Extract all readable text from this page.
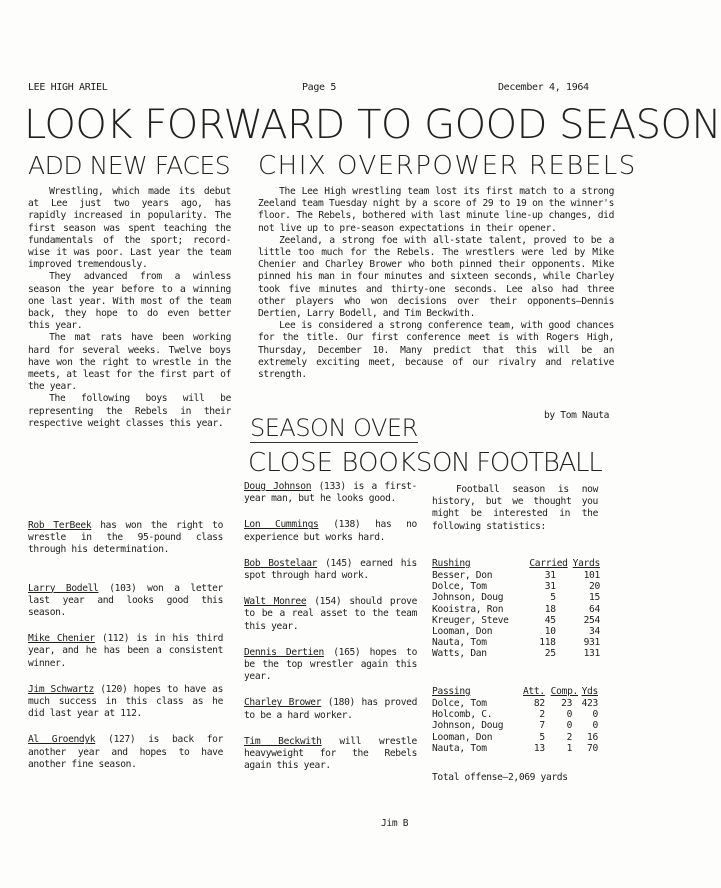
LEE HIGH ARIEL	Page 5	December 4, 1964
LOOK FORWARD TO GOOD SEASON
ADD NEW FACES CHIX OVERPOWER REBELS

Wrestling, which made its debut at Lee just two years ago, has rapidly increased in popularity. The first season was spent teaching the fundamentals of the sport; record-wise it was poor. Last year the team improved tremendously.

They advanced from a winless season the year before to a winning one last year. With most of the team back, they hope to do even better this year.

The mat rats have been working hard for several weeks. Twelve boys have won the right to wrestle in the meets, at least for the first part of the year.

The following boys will be representing the Rebels in their respective weight classes this year.

The Lee High wrestling team lost its first match to a strong Zeeland team Tuesday night by a score of 29 to 19 on the winner's floor. The Rebels, bothered with last minute line-up changes, did not live up to pre-season expectations in their opener.

Zeeland, a strong foe with all-state talent, proved to be a little too much for the Rebels. The wrestlers were led by Mike Chenier and Charley Brower who both pinned their opponents. Mike pinned his man in four minutes and sixteen seconds, while Charley took five minutes and thirty-one seconds. Lee also had three other players who won decisions over their opponents—Dennis Dertien, Larry Bodell, and Tim Beckwith.

Lee is considered a strong conference team, with good chances for the title. Our first conference meet is with Rogers High, Thursday, December 10. Many predict that this will be an extremely exciting meet, because of our rivalry and relative strength.

by Tom Nauta
SEASON OVER
CLOSE BOOKS ON FOOTBALL
Rob TerBeek has won the right to wrestle in the 95-pound class through his determination.
Larry Bodell (103) won a letter last year and looks good this season.
Mike Chenier (112) is in his third year, and he has been a consistent winner.
Jim Schwartz (120) hopes to have as much success in this class as he did last year at 112.
Al Groendyk (127) is back for another year and hopes to have another fine season.
Doug Johnson (133) is a first-year man, but he looks good.
Lon Cummings (138) has no experience but works hard.
Bob Bostelaar (145) earned his spot through hard work.
Walt Monree (154) should prove to be a real asset to the team this year.
Dennis Dertien (165) hopes to be the top wrestler again this year.
Charley Brower (180) has proved to be a hard worker.
Tim Beckwith will wrestle heavyweight for the Rebels again this year.
Jim B
Football season is now history, but we thought you might be interested in the following statistics:
Rushing	Carried	Yards
Besser, Don	31	101
Dolce, Tom	31	20
Johnson, Doug	5	15
Kooistra, Ron	18	64
Kreuger, Steve	45	254
Looman, Don	10	34
Nauta, Tom	118	931
Watts, Dan	25	131
Passing	Att.	Comp.	Yds
Dolce, Tom	82	23	423
Holcomb, C.	2	0	0
Johnson, Doug	7	0	0
Looman, Don	5	2	16
Nauta, Tom	13	1	70
Total offense—2,069 yards
